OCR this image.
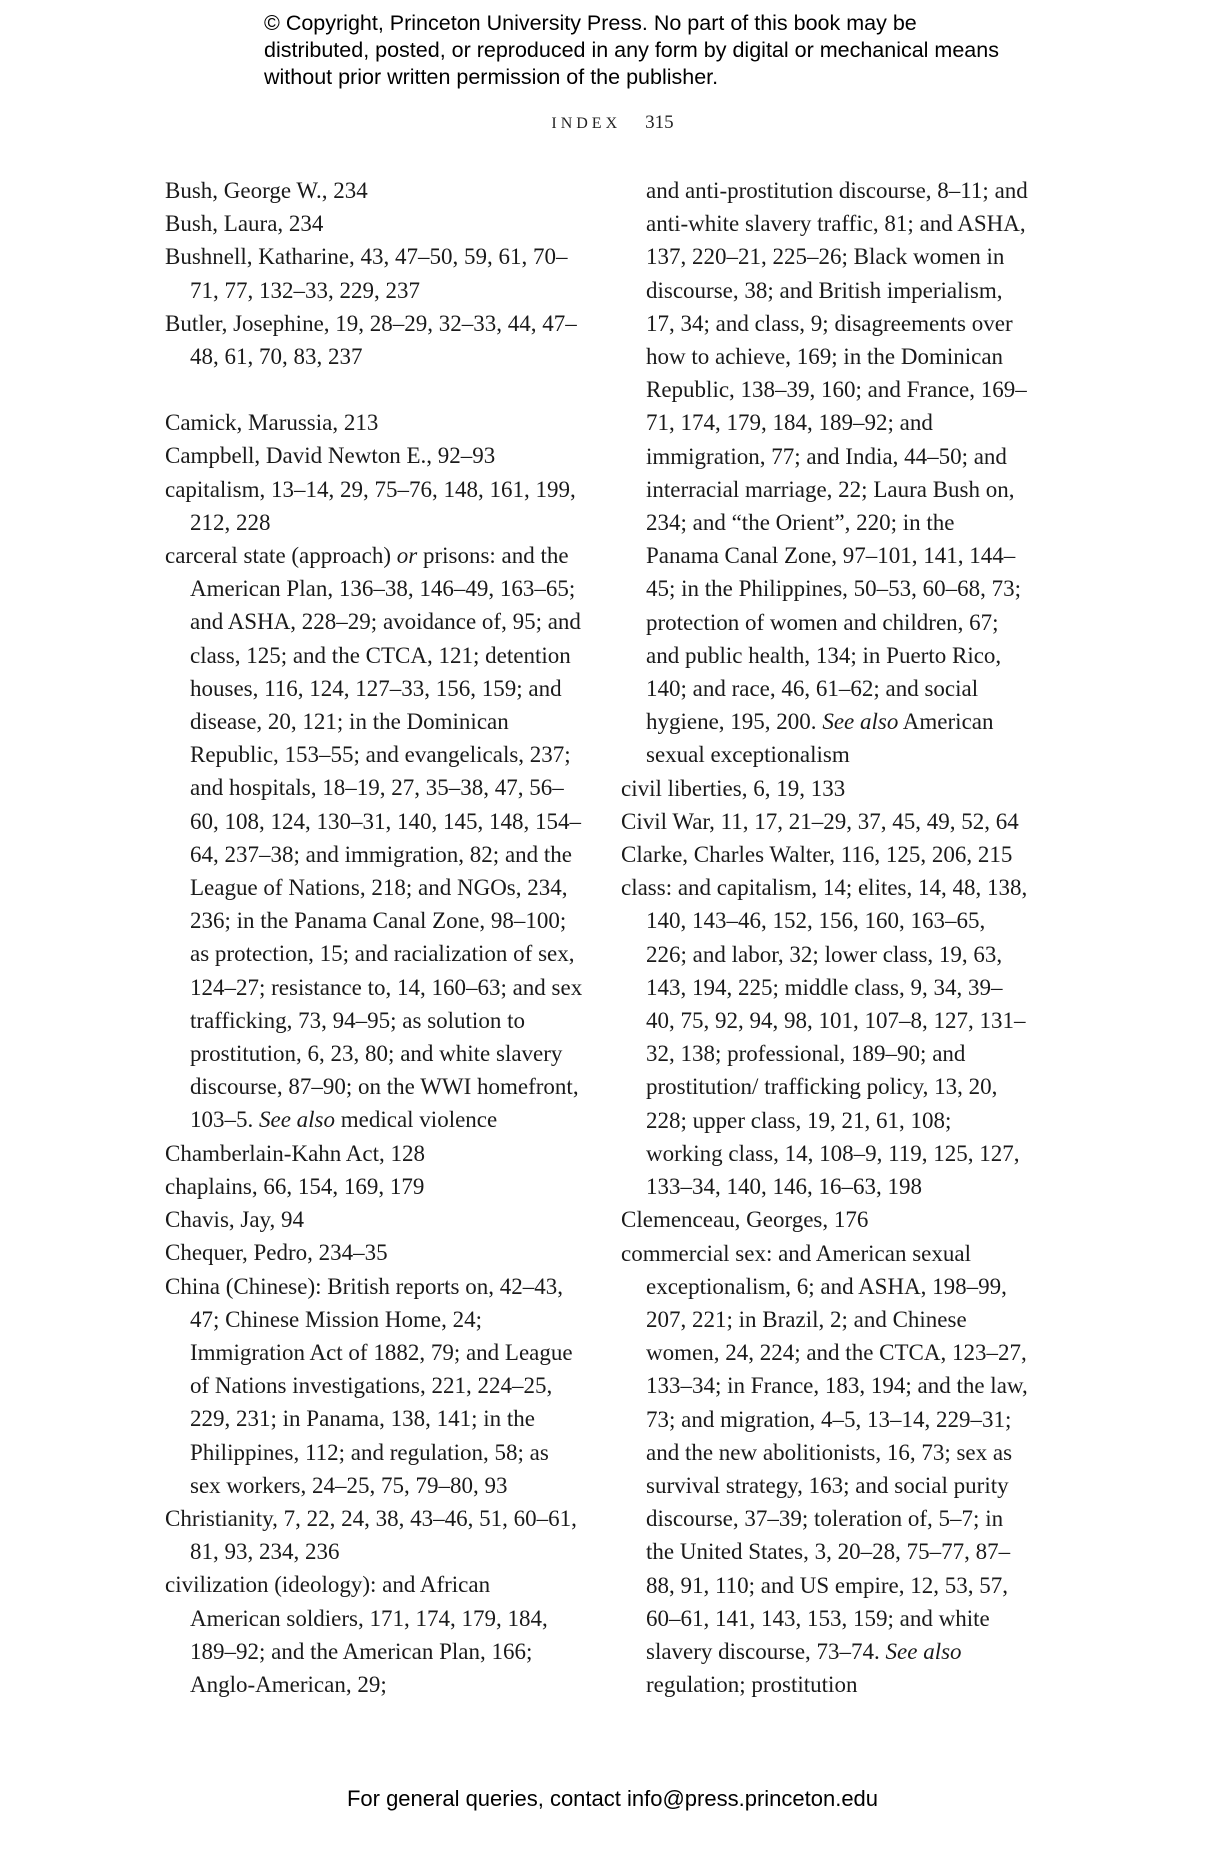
© Copyright, Princeton University Press. No part of this book may be distributed, posted, or reproduced in any form by digital or mechanical means without prior written permission of the publisher.
INDEX 315

Bush, George W., 234

Bush, Laura, 234

Bushnell, Katharine, 43, 47–50, 59, 61, 70–71, 77, 132–33, 229, 237

Butler, Josephine, 19, 28–29, 32–33, 44, 47–48, 61, 70, 83, 237

Camick, Marussia, 213

Campbell, David Newton E., 92–93

capitalism, 13–14, 29, 75–76, 148, 161, 199, 212, 228

carceral state (approach) or prisons: and the American Plan, 136–38, 146–49, 163–65; and ASHA, 228–29; avoidance of, 95; and class, 125; and the CTCA, 121; detention houses, 116, 124, 127–33, 156, 159; and disease, 20, 121; in the Dominican Republic, 153–55; and evangelicals, 237; and hospitals, 18–19, 27, 35–38, 47, 56–60, 108, 124, 130–31, 140, 145, 148, 154–64, 237–38; and immigration, 82; and the League of Nations, 218; and NGOs, 234, 236; in the Panama Canal Zone, 98–100; as protection, 15; and racialization of sex, 124–27; resistance to, 14, 160–63; and sex trafficking, 73, 94–95; as solution to prostitution, 6, 23, 80; and white slavery discourse, 87–90; on the WWI homefront, 103–5. See also medical violence

Chamberlain-Kahn Act, 128

chaplains, 66, 154, 169, 179

Chavis, Jay, 94

Chequer, Pedro, 234–35

China (Chinese): British reports on, 42–43, 47; Chinese Mission Home, 24; Immigration Act of 1882, 79; and League of Nations investigations, 221, 224–25, 229, 231; in Panama, 138, 141; in the Philippines, 112; and regulation, 58; as sex workers, 24–25, 75, 79–80, 93

Christianity, 7, 22, 24, 38, 43–46, 51, 60–61, 81, 93, 234, 236

civilization (ideology): and African American soldiers, 171, 174, 179, 184, 189–92; and the American Plan, 166; Anglo-American, 29;

and anti-prostitution discourse, 8–11; and anti-white slavery traffic, 81; and ASHA, 137, 220–21, 225–26; Black women in discourse, 38; and British imperialism, 17, 34; and class, 9; disagreements over how to achieve, 169; in the Dominican Republic, 138–39, 160; and France, 169–71, 174, 179, 184, 189–92; and immigration, 77; and India, 44–50; and interracial marriage, 22; Laura Bush on, 234; and “the Orient”, 220; in the Panama Canal Zone, 97–101, 141, 144–45; in the Philippines, 50–53, 60–68, 73; protection of women and children, 67; and public health, 134; in Puerto Rico, 140; and race, 46, 61–62; and social hygiene, 195, 200. See also American sexual exceptionalism

civil liberties, 6, 19, 133

Civil War, 11, 17, 21–29, 37, 45, 49, 52, 64

Clarke, Charles Walter, 116, 125, 206, 215

class: and capitalism, 14; elites, 14, 48, 138, 140, 143–46, 152, 156, 160, 163–65, 226; and labor, 32; lower class, 19, 63, 143, 194, 225; middle class, 9, 34, 39–40, 75, 92, 94, 98, 101, 107–8, 127, 131–32, 138; professional, 189–90; and prostitution/ trafficking policy, 13, 20, 228; upper class, 19, 21, 61, 108; working class, 14, 108–9, 119, 125, 127, 133–34, 140, 146, 16–63, 198

Clemenceau, Georges, 176

commercial sex: and American sexual exceptionalism, 6; and ASHA, 198–99, 207, 221; in Brazil, 2; and Chinese women, 24, 224; and the CTCA, 123–27, 133–34; in France, 183, 194; and the law, 73; and migration, 4–5, 13–14, 229–31; and the new abolitionists, 16, 73; sex as survival strategy, 163; and social purity discourse, 37–39; toleration of, 5–7; in the United States, 3, 20–28, 75–77, 87–88, 91, 110; and US empire, 12, 53, 57, 60–61, 141, 143, 153, 159; and white slavery discourse, 73–74. See also regulation; prostitution

For general queries, contact info@press.princeton.edu
